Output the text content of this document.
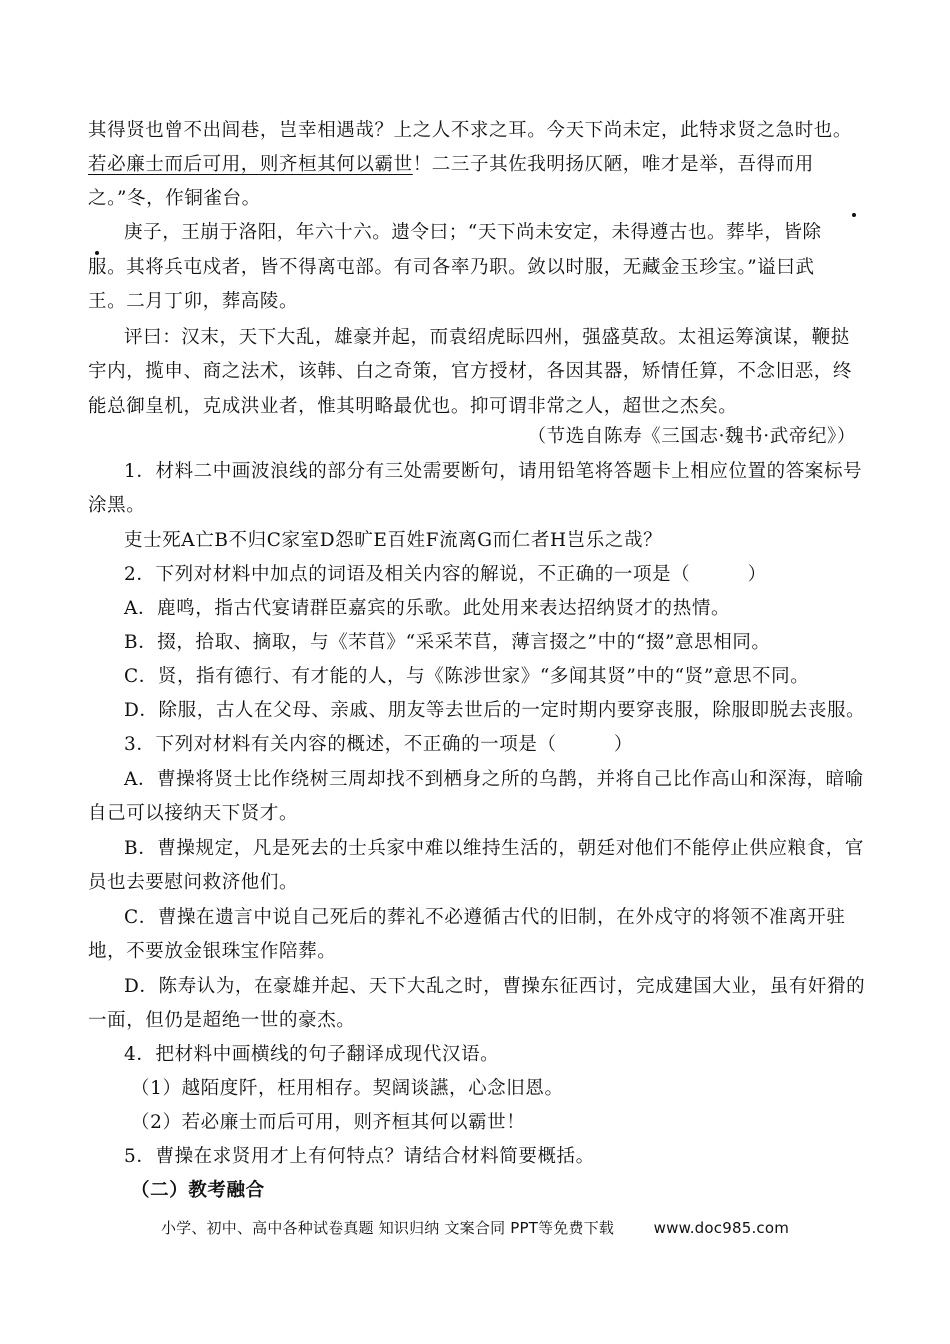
其得贤也曾不出闾巷，岂幸相遇哉？上之人不求之耳。今天下尚未定，此特求贤之急时也。
若必廉士而后可用，则齐桓其何以霸世！二三子其佐我明扬仄陋，唯才是举，吾得而用
之。”冬，作铜雀台。
庚子，王崩于洛阳，年六十六。遗令曰；“天下尚未安定，未得遵古也。葬毕，皆除
服。其将兵屯戍者，皆不得离屯部。有司各率乃职。敛以时服，无藏金玉珍宝。”谥曰武
王。二月丁卯，葬高陵。
评曰：汉末，天下大乱，雄豪并起，而袁绍虎眎四州，强盛莫敌。太祖运筹演谋，鞭挞
宇内，揽申、商之法术，该韩、白之奇策，官方授材，各因其器，矫情任算，不念旧恶，终
能总御皇机，克成洪业者，惟其明略最优也。抑可谓非常之人，超世之杰矣。
（节选自陈寿《三国志·魏书·武帝纪》）
1．材料二中画波浪线的部分有三处需要断句，请用铅笔将答题卡上相应位置的答案标号
涂黑。
吏士死A亡B不归C家室D怨旷E百姓F流离G而仁者H岂乐之哉？
2．下列对材料中加点的词语及相关内容的解说，不正确的一项是（　　　）
A．鹿鸣，指古代宴请群臣嘉宾的乐歌。此处用来表达招纳贤才的热情。
B．掇，拾取、摘取，与《芣苢》“采采芣苢，薄言掇之”中的“掇”意思相同。
C．贤，指有德行、有才能的人，与《陈涉世家》“多闻其贤”中的“贤”意思不同。
D．除服，古人在父母、亲戚、朋友等去世后的一定时期内要穿丧服，除服即脱去丧服。
3．下列对材料有关内容的概述，不正确的一项是（　　　）
A．曹操将贤士比作绕树三周却找不到栖身之所的乌鹊，并将自己比作高山和深海，暗喻
自己可以接纳天下贤才。
B．曹操规定，凡是死去的士兵家中难以维持生活的，朝廷对他们不能停止供应粮食，官
员也去要慰问救济他们。
C．曹操在遗言中说自己死后的葬礼不必遵循古代的旧制，在外戍守的将领不准离开驻
地，不要放金银珠宝作陪葬。
D．陈寿认为，在豪雄并起、天下大乱之时，曹操东征西讨，完成建国大业，虽有奸猾的
一面，但仍是超绝一世的豪杰。
4．把材料中画横线的句子翻译成现代汉语。
（1）越陌度阡，枉用相存。契阔谈讌，心念旧恩。
（2）若必廉士而后可用，则齐桓其何以霸世！
5．曹操在求贤用才上有何特点？请结合材料简要概括。
（二）教考融合
小学、初中、高中各种试卷真题 知识归纳 文案合同 PPT等免费下载	www.doc985.com
